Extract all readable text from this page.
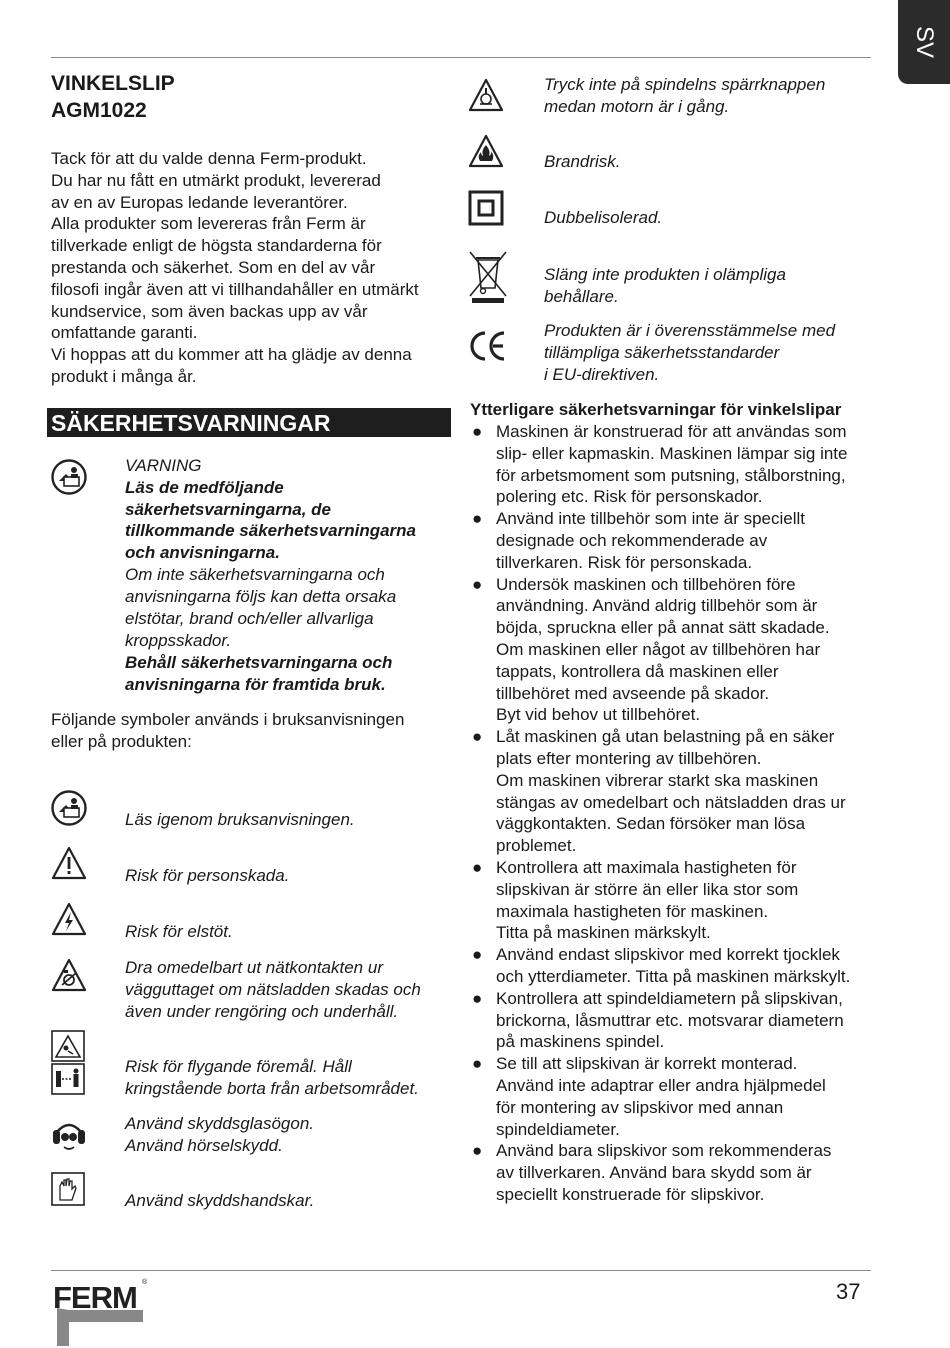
SV
VINKELSLIP
AGM1022

Tack för att du valde denna Ferm-produkt.

Du har nu fått en utmärkt produkt, levererad

av en av Europas ledande leverantörer.

Alla produkter som levereras från Ferm är

tillverkade enligt de högsta standarderna för

prestanda och säkerhet. Som en del av vår

filosofi ingår även att vi tillhandahåller en utmärkt

kundservice, som även backas upp av vår

omfattande garanti.

Vi hoppas att du kommer att ha glädje av denna

produkt i många år.

SÄKERHETSVARNINGAR

VARNING

Läs de medföljande

säkerhetsvarningarna, de

tillkommande säkerhetsvarningarna

och anvisningarna.

Om inte säkerhetsvarningarna och

anvisningarna följs kan detta orsaka

elstötar, brand och/eller allvarliga

kroppsskador.

Behåll säkerhetsvarningarna och

anvisningarna för framtida bruk.

Följande symboler används i bruksanvisningen

eller på produkten:

Läs igenom bruksanvisningen.

Risk för personskada.

Risk för elstöt.

Dra omedelbart ut nätkontakten ur

vägguttaget om nätsladden skadas och

även under rengöring och underhåll.

Risk för flygande föremål. Håll

kringstående borta från arbetsområdet.

Använd skyddsglasögon.

Använd hörselskydd.

Använd skyddshandskar.

Tryck inte på spindelns spärrknappen

medan motorn är i gång.

Brandrisk.

Dubbelisolerad.

Släng inte produkten i olämpliga

behållare.

Produkten är i överensstämmelse med

tillämpliga säkerhetsstandarder

i EU-direktiven.

Ytterligare säkerhetsvarningar för vinkelslipar
● Maskinen är konstruerad för att användas som

slip- eller kapmaskin. Maskinen lämpar sig inte

för arbetsmoment som putsning, stålborstning,

polering etc. Risk för personskador.

● Använd inte tillbehör som inte är speciellt

designade och rekommenderade av

tillverkaren. Risk för personskada.

● Undersök maskinen och tillbehören före

användning. Använd aldrig tillbehör som är

böjda, spruckna eller på annat sätt skadade.

Om maskinen eller något av tillbehören har

tappats, kontrollera då maskinen eller

tillbehöret med avseende på skador.

Byt vid behov ut tillbehöret.

● Låt maskinen gå utan belastning på en säker

plats efter montering av tillbehören.

Om maskinen vibrerar starkt ska maskinen

stängas av omedelbart och nätsladden dras ur

väggkontakten. Sedan försöker man lösa

problemet.

● Kontrollera att maximala hastigheten för

slipskivan är större än eller lika stor som

maximala hastigheten för maskinen.

Titta på maskinen märkskylt.

● Använd endast slipskivor med korrekt tjocklek

och ytterdiameter. Titta på maskinen märkskylt.

● Kontrollera att spindeldiametern på slipskivan,

brickorna, låsmuttrar etc. motsvarar diametern

på maskinens spindel.

● Se till att slipskivan är korrekt monterad.

Använd inte adaptrar eller andra hjälpmedel

för montering av slipskivor med annan

spindeldiameter.

● Använd bara slipskivor som rekommenderas

av tillverkaren. Använd bara skydd som är

speciellt konstruerade för slipskivor.

FERM ®	37
